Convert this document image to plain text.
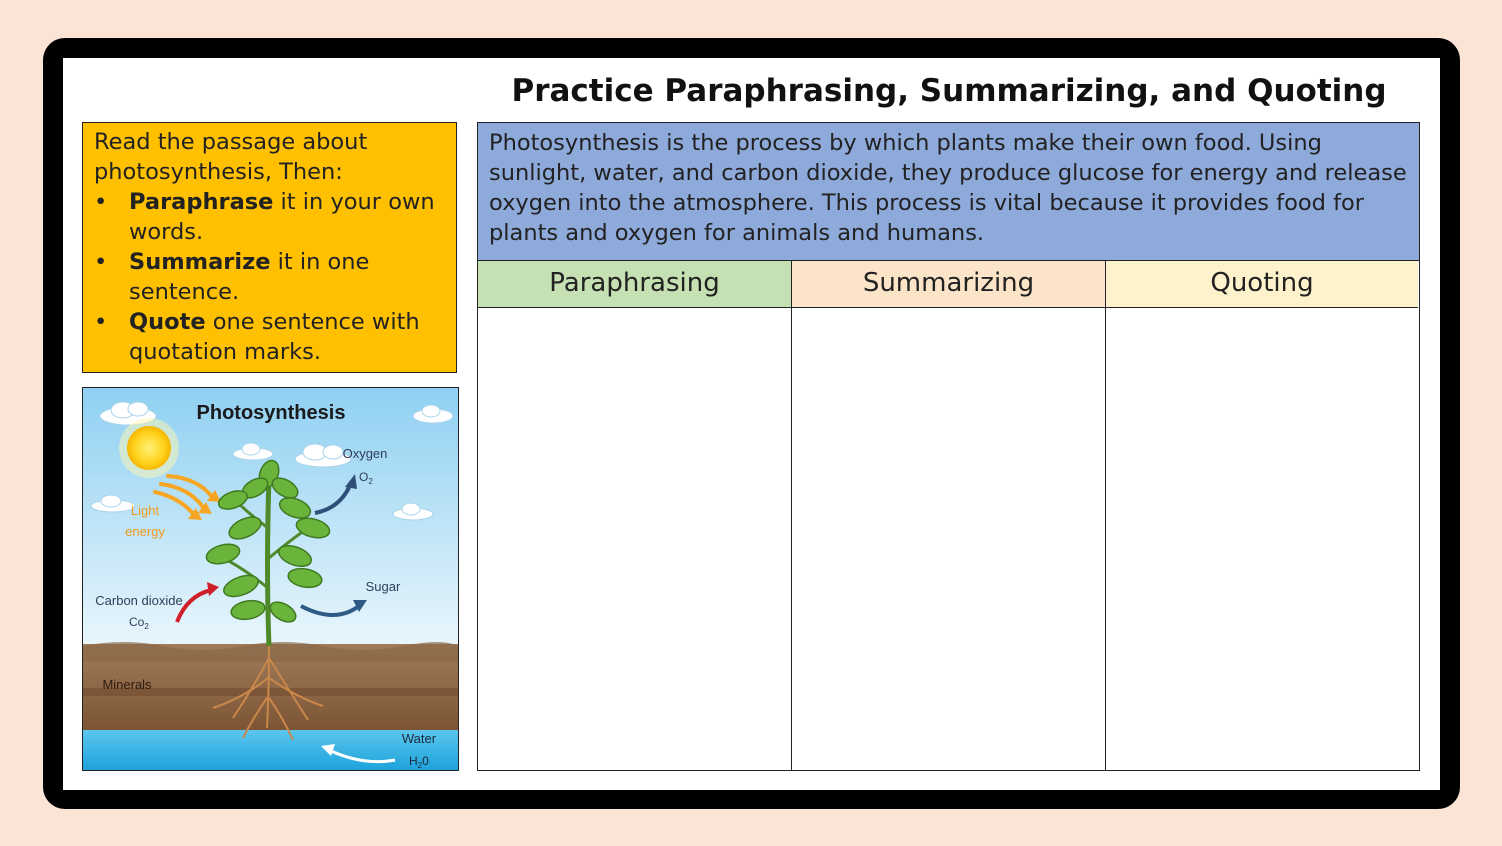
Practice Paraphrasing, Summarizing, and Quoting

Read the passage about photosynthesis, Then:

• Paraphrase it in your own words.
• Summarize it in one sentence.
• Quote one sentence with quotation marks.
Photosynthesis
Oxygen
$O_2$
Light
energy
Carbon dioxide
$Co_2$
Sugar
Minerals
Water
$H_20$
Photosynthesis is the process by which plants make their own food. Using sunlight, water, and carbon dioxide, they produce glucose for energy and release oxygen into the atmosphere. This process is vital because it provides food for plants and oxygen for animals and humans.
Paraphrasing	Summarizing	Quoting
